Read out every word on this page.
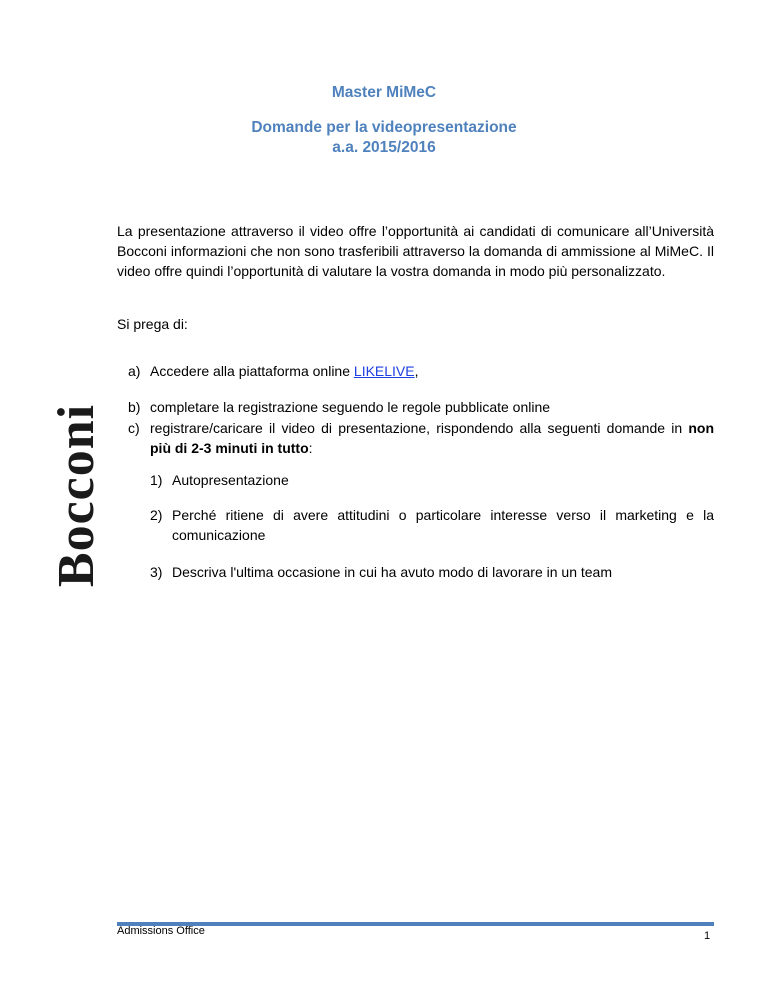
Bocconi
Master MiMeC
Domande per la videopresentazione
a.a. 2015/2016
La presentazione attraverso il video offre l’opportunità ai candidati di comunicare all’Università Bocconi informazioni che non sono trasferibili attraverso la domanda di ammissione al MiMeC. Il video offre quindi l’opportunità di valutare la vostra domanda in modo più personalizzato.
Si prega di:
a) Accedere alla piattaforma online LIKELIVE,
b) completare la registrazione seguendo le regole pubblicate online
c) registrare/caricare il video di presentazione, rispondendo alla seguenti domande in non più di 2-3 minuti in tutto:
1) Autopresentazione
2) Perché ritiene di avere attitudini o particolare interesse verso il marketing e la comunicazione
3) Descriva l'ultima occasione in cui ha avuto modo di lavorare in un team
Admissions Office	1
